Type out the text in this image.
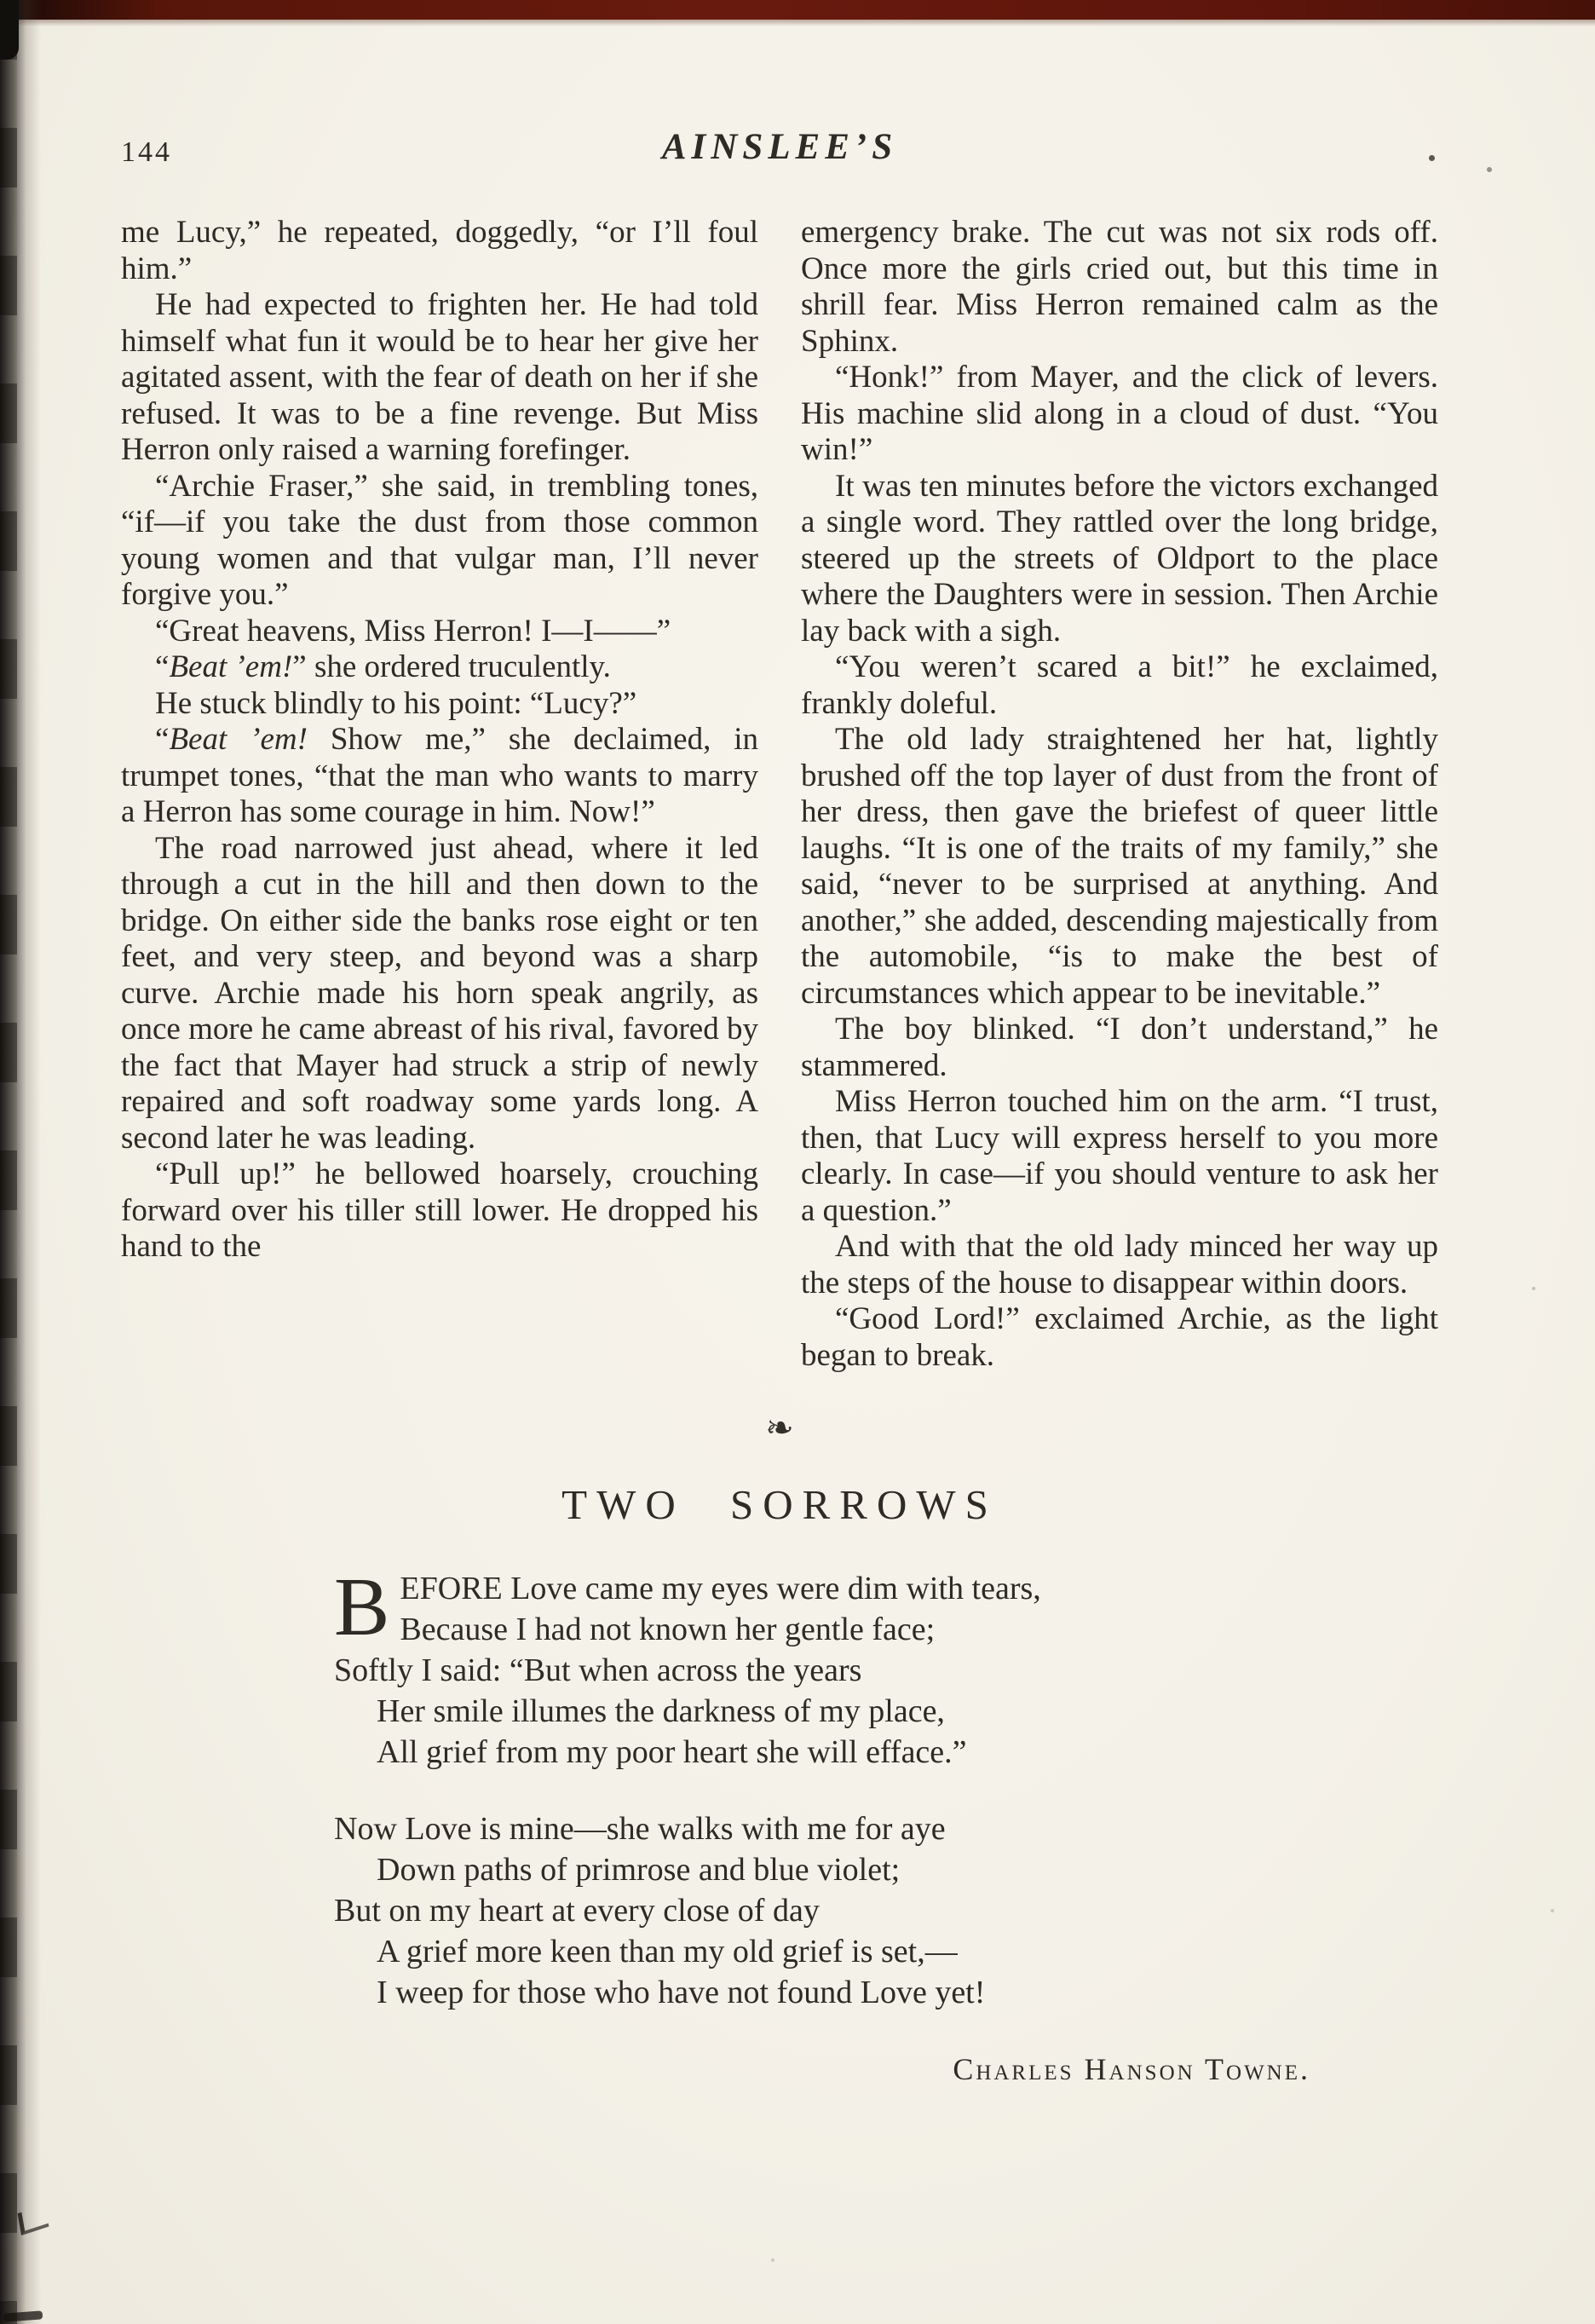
144	AINSLEE’S

me Lucy,” he repeated, doggedly, “or I’ll foul him.”

He had expected to frighten her. He had told himself what fun it would be to hear her give her agitated assent, with the fear of death on her if she refused. It was to be a fine revenge. But Miss Herron only raised a warning forefinger.

“Archie Fraser,” she said, in trembling tones, “if—if you take the dust from those common young women and that vulgar man, I’ll never forgive you.”

“Great heavens, Miss Herron! I—I——”

“Beat ’em!” she ordered truculently.

He stuck blindly to his point: “Lucy?”

“Beat ’em! Show me,” she declaimed, in trumpet tones, “that the man who wants to marry a Herron has some courage in him. Now!”

The road narrowed just ahead, where it led through a cut in the hill and then down to the bridge. On either side the banks rose eight or ten feet, and very steep, and beyond was a sharp curve. Archie made his horn speak angrily, as once more he came abreast of his rival, favored by the fact that Mayer had struck a strip of newly repaired and soft roadway some yards long. A second later he was leading.

“Pull up!” he bellowed hoarsely, crouching forward over his tiller still lower. He dropped his hand to the

emergency brake. The cut was not six rods off. Once more the girls cried out, but this time in shrill fear. Miss Herron remained calm as the Sphinx.

“Honk!” from Mayer, and the click of levers. His machine slid along in a cloud of dust. “You win!”

It was ten minutes before the victors exchanged a single word. They rattled over the long bridge, steered up the streets of Oldport to the place where the Daughters were in session. Then Archie lay back with a sigh.

“You weren’t scared a bit!” he exclaimed, frankly doleful.

The old lady straightened her hat, lightly brushed off the top layer of dust from the front of her dress, then gave the briefest of queer little laughs. “It is one of the traits of my family,” she said, “never to be surprised at anything. And another,” she added, descending majestically from the automobile, “is to make the best of circumstances which appear to be inevitable.”

The boy blinked. “I don’t understand,” he stammered.

Miss Herron touched him on the arm. “I trust, then, that Lucy will express herself to you more clearly. In case—if you should venture to ask her a question.”

And with that the old lady minced her way up the steps of the house to disappear within doors.

“Good Lord!” exclaimed Archie, as the light began to break.

❧
TWO SORROWS
B EFORE Love came my eyes were dim with tears,
Because I had not known her gentle face;
Softly I said: “But when across the years
Her smile illumes the darkness of my place,
All grief from my poor heart she will efface.”
Now Love is mine—she walks with me for aye
Down paths of primrose and blue violet;
But on my heart at every close of day
A grief more keen than my old grief is set,—
I weep for those who have not found Love yet!
Charles Hanson Towne.
